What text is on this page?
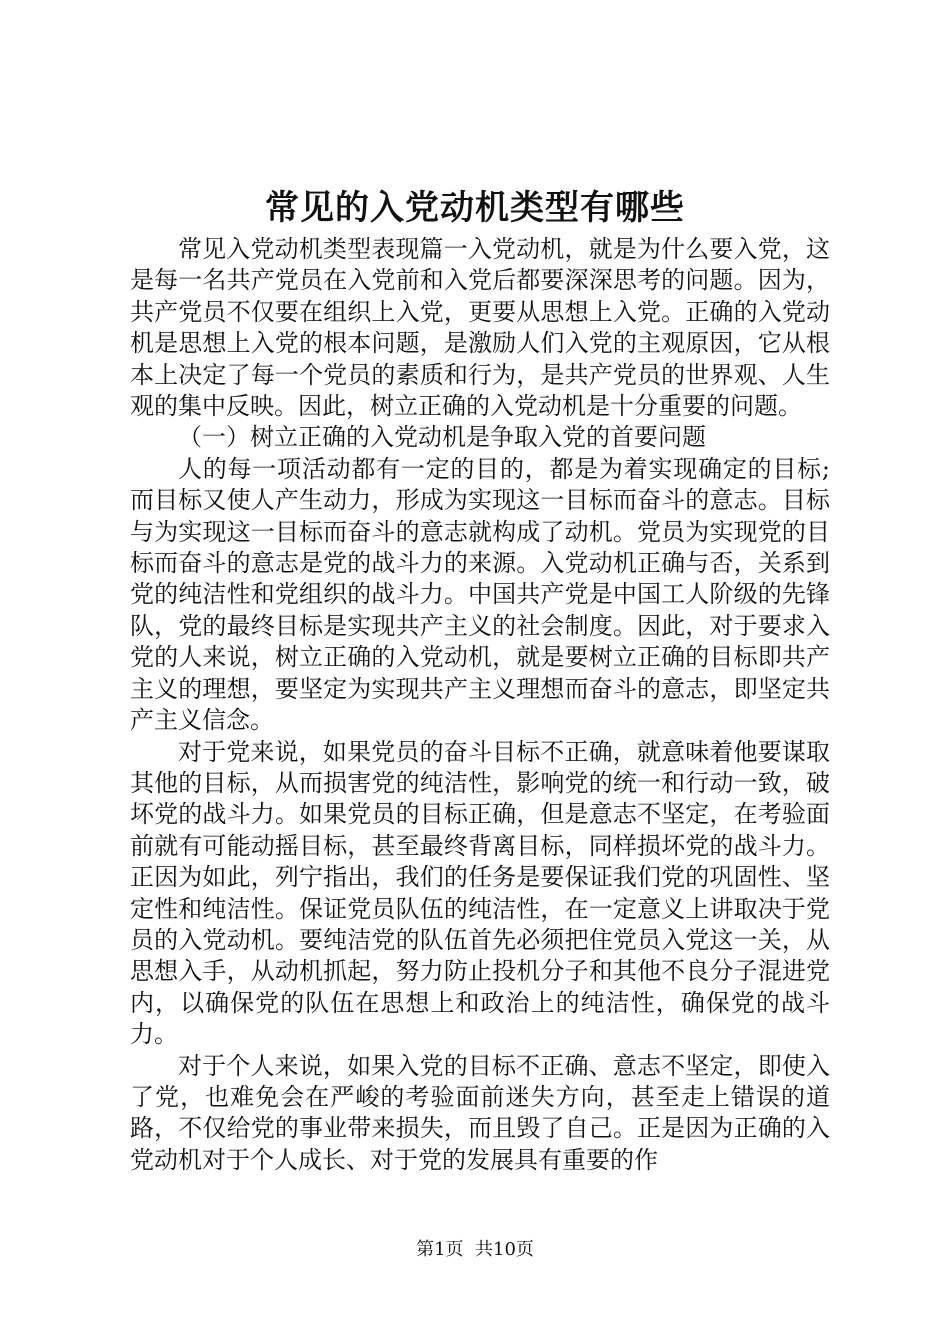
常见的入党动机类型有哪些

常见入党动机类型表现篇一入党动机，就是为什么要入党，这是每一名共产党员在入党前和入党后都要深深思考的问题。因为，共产党员不仅要在组织上入党，更要从思想上入党。正确的入党动机是思想上入党的根本问题，是激励人们入党的主观原因，它从根本上决定了每一个党员的素质和行为，是共产党员的世界观、人生观的集中反映。因此，树立正确的入党动机是十分重要的问题。

（一）树立正确的入党动机是争取入党的首要问题

人的每一项活动都有一定的目的，都是为着实现确定的目标;而目标又使人产生动力，形成为实现这一目标而奋斗的意志。目标与为实现这一目标而奋斗的意志就构成了动机。党员为实现党的目标而奋斗的意志是党的战斗力的来源。入党动机正确与否，关系到党的纯洁性和党组织的战斗力。中国共产党是中国工人阶级的先锋队，党的最终目标是实现共产主义的社会制度。因此，对于要求入党的人来说，树立正确的入党动机，就是要树立正确的目标即共产主义的理想，要坚定为实现共产主义理想而奋斗的意志，即坚定共产主义信念。

对于党来说，如果党员的奋斗目标不正确，就意味着他要谋取其他的目标，从而损害党的纯洁性，影响党的统一和行动一致，破坏党的战斗力。如果党员的目标正确，但是意志不坚定，在考验面前就有可能动摇目标，甚至最终背离目标，同样损坏党的战斗力。正因为如此，列宁指出，我们的任务是要保证我们党的巩固性、坚定性和纯洁性。保证党员队伍的纯洁性，在一定意义上讲取决于党员的入党动机。要纯洁党的队伍首先必须把住党员入党这一关，从思想入手，从动机抓起，努力防止投机分子和其他不良分子混进党内，以确保党的队伍在思想上和政治上的纯洁性，确保党的战斗力。

对于个人来说，如果入党的目标不正确、意志不坚定，即使入了党，也难免会在严峻的考验面前迷失方向，甚至走上错误的道路，不仅给党的事业带来损失，而且毁了自己。正是因为正确的入党动机对于个人成长、对于党的发展具有重要的作

第1页  共10页
